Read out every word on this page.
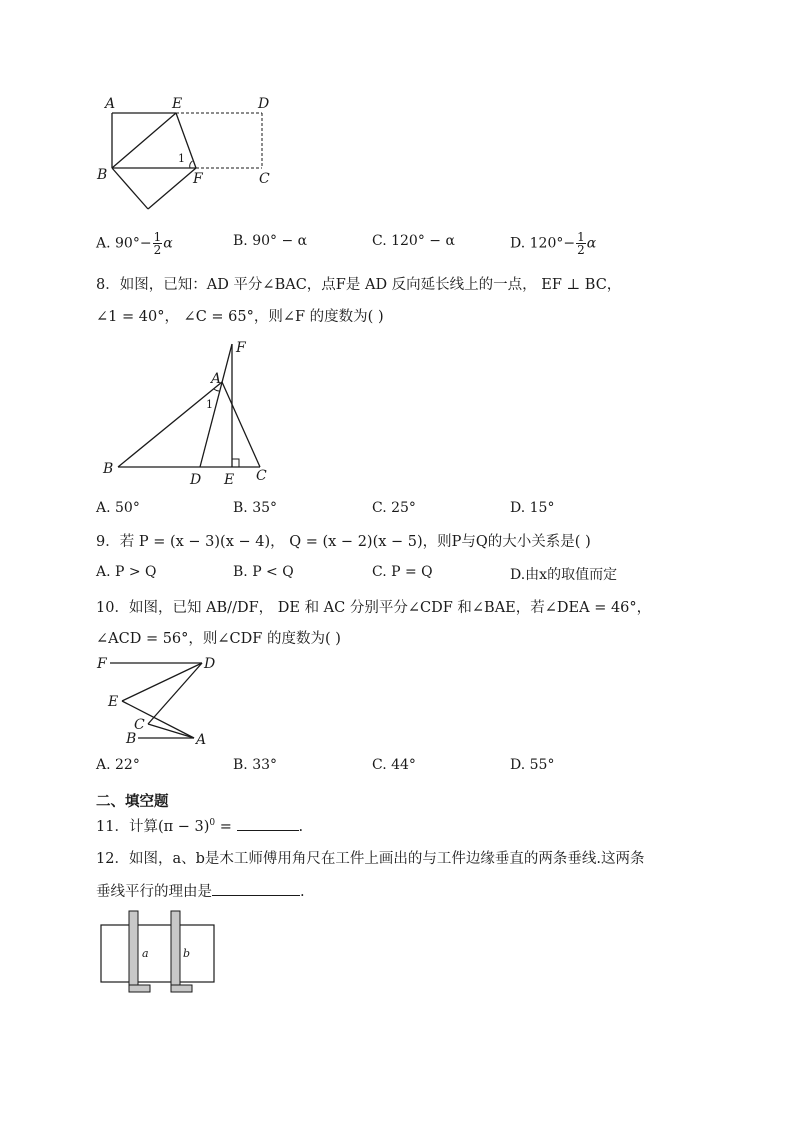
A	E	D
B	F	C
1
A. $90^\circ- \frac{1}{2}$ α	B. 90° − α	C. 120° − α	D. $120^\circ- \frac{1}{2}$ α
8．如图，已知：AD 平分∠BAC，点F是 AD 反向延长线上的一点， EF ⊥ BC，
∠1 = 40°， ∠C = 65°，则∠F 的度数为( )
F
A
1
B
D E C
A. 50°	B. 35°	C. 25°	D. 15°
9．若 P = (x − 3)(x − 4)， Q = (x − 2)(x − 5)，则P与Q的大小关系是( )
A. P > Q	B. P < Q	C. P = Q	D.由x的取值而定
10．如图，已知 AB//DF， DE 和 AC 分别平分∠CDF 和∠BAE，若∠DEA = 46°，
∠ACD = 56°，则∠CDF 的度数为( )
F	D
E
C
B	A
A. 22°	B. 33°	C. 44°	D. 55°
二、填空题
11．计算$(\pi - 3)^0$ =	.
12．如图，a、b是木工师傅用角尺在工件上画出的与工件边缘垂直的两条垂线.这两条
垂线平行的理由是	.
a	b
